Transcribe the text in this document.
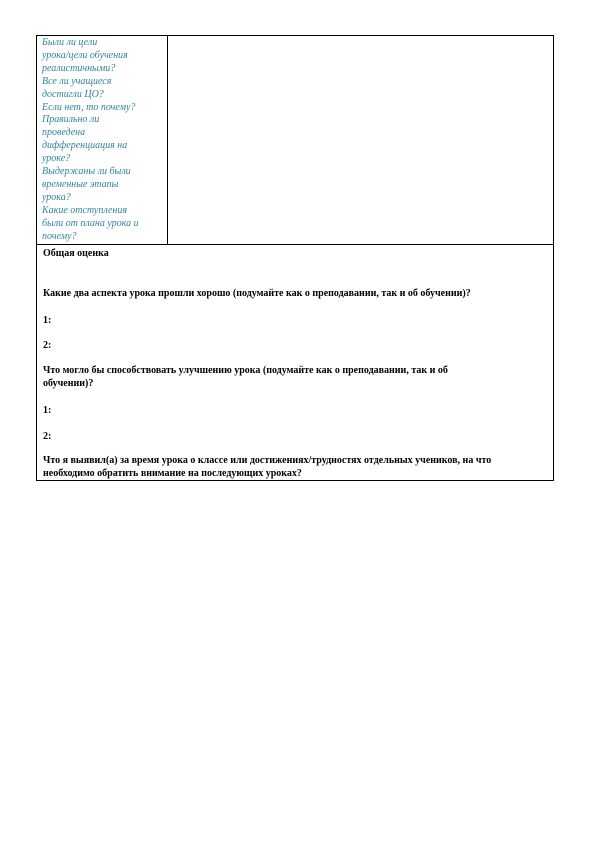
Были ли цели
урока/цели обучения
реалистичными?
Все ли учащиеся
достигли ЦО?
Если нет, то почему?
Правильно ли
проведена
дифференциация на
уроке?
Выдержаны ли были
временные этапы
урока?
Какие отступления
были от плана урока и
почему?

Общая оценка

Какие два аспекта урока прошли хорошо (подумайте как о преподавании, так и об обучении)?

1:

2:

Что могло бы способствовать улучшению урока (подумайте как о преподавании, так и об

обучении)?

1:

2:

Что я выявил(а) за время урока о классе или достижениях/трудностях отдельных учеников, на что

необходимо обратить внимание на последующих уроках?
